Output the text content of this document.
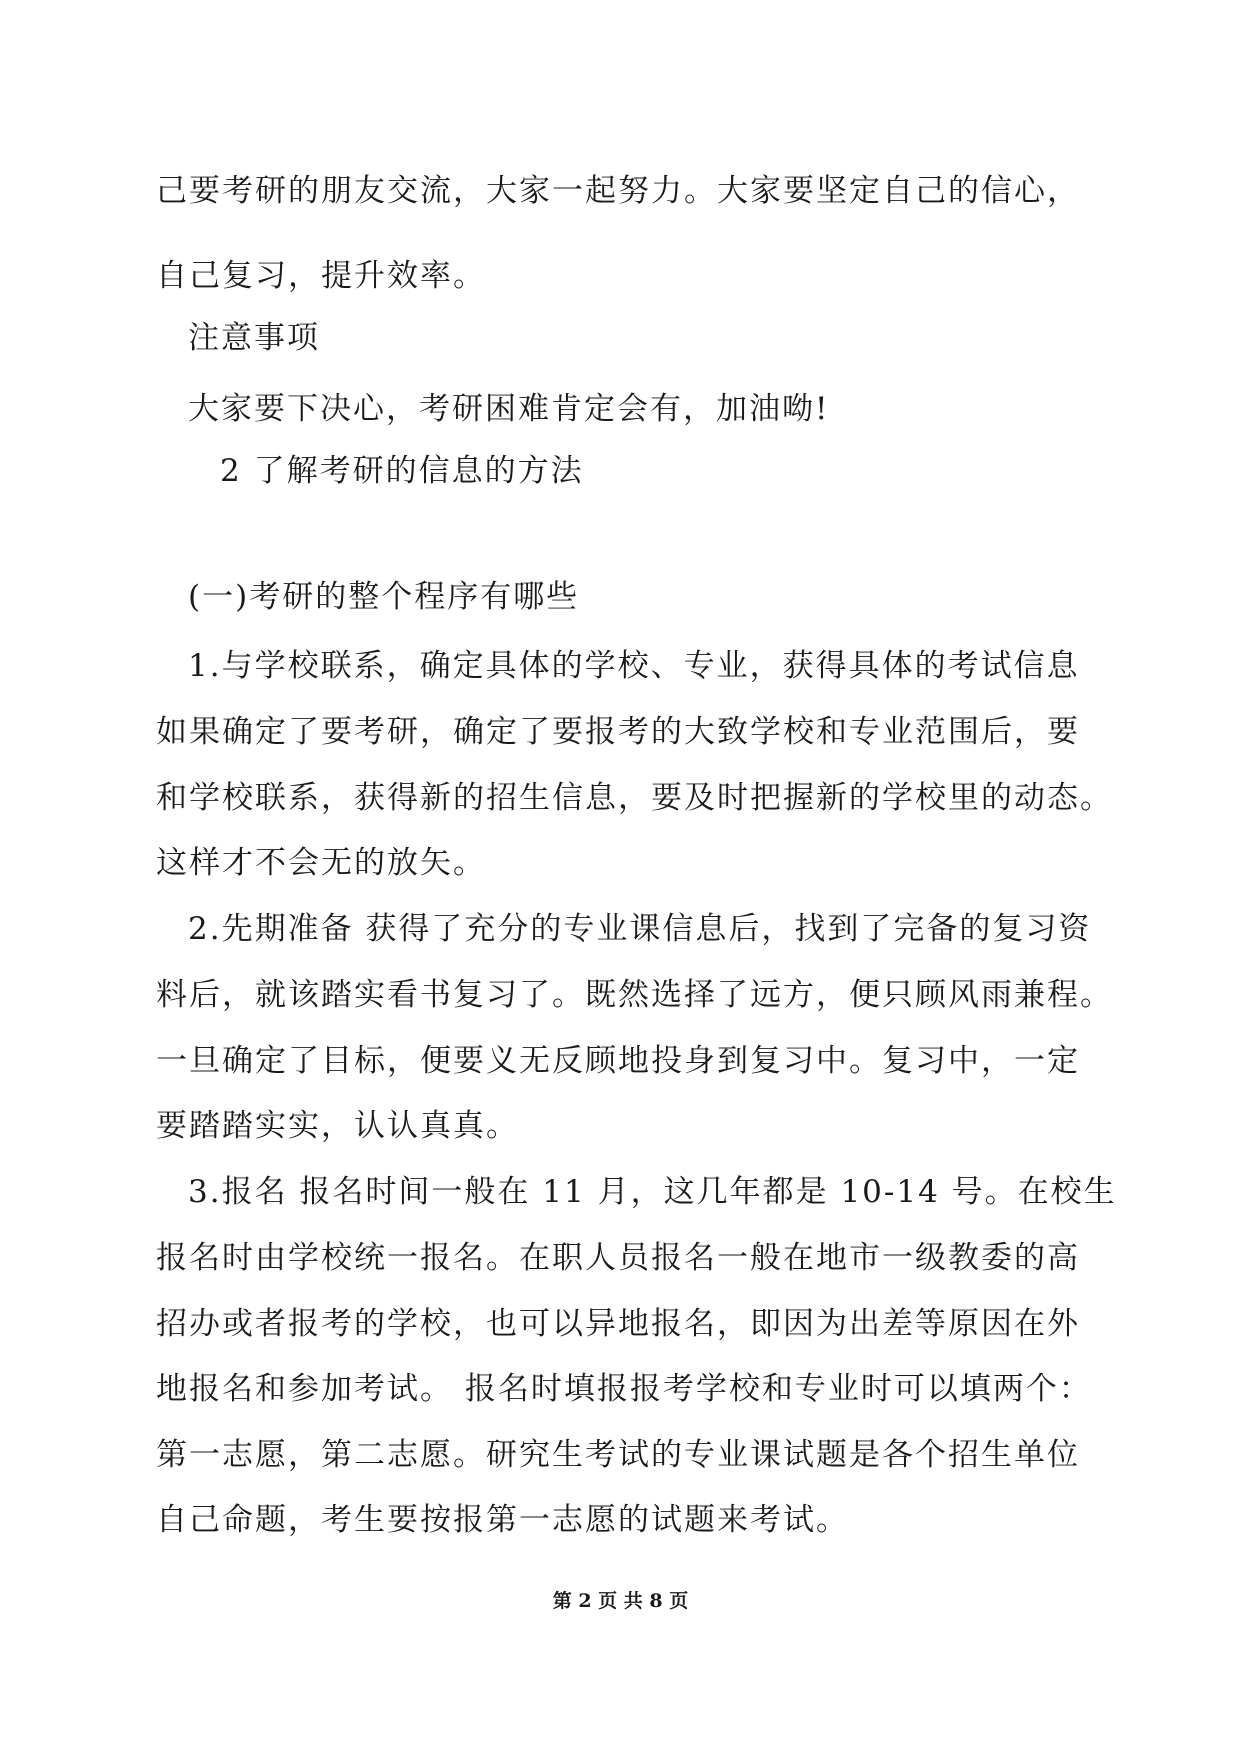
己要考研的朋友交流，大家一起努力。大家要坚定自己的信心，
自己复习，提升效率。
注意事项
大家要下决心，考研困难肯定会有，加油呦!
2 了解考研的信息的方法
(一)考研的整个程序有哪些
1.与学校联系，确定具体的学校、专业，获得具体的考试信息
如果确定了要考研，确定了要报考的大致学校和专业范围后，要
和学校联系，获得新的招生信息，要及时把握新的学校里的动态。
这样才不会无的放矢。
2.先期准备 获得了充分的专业课信息后，找到了完备的复习资
料后，就该踏实看书复习了。既然选择了远方，便只顾风雨兼程。
一旦确定了目标，便要义无反顾地投身到复习中。复习中，一定
要踏踏实实，认认真真。
3.报名 报名时间一般在 11 月，这几年都是 10-14 号。在校生
报名时由学校统一报名。在职人员报名一般在地市一级教委的高
招办或者报考的学校，也可以异地报名，即因为出差等原因在外
地报名和参加考试。 报名时填报报考学校和专业时可以填两个：
第一志愿，第二志愿。研究生考试的专业课试题是各个招生单位
自己命题，考生要按报第一志愿的试题来考试。
第 2 页 共 8 页
